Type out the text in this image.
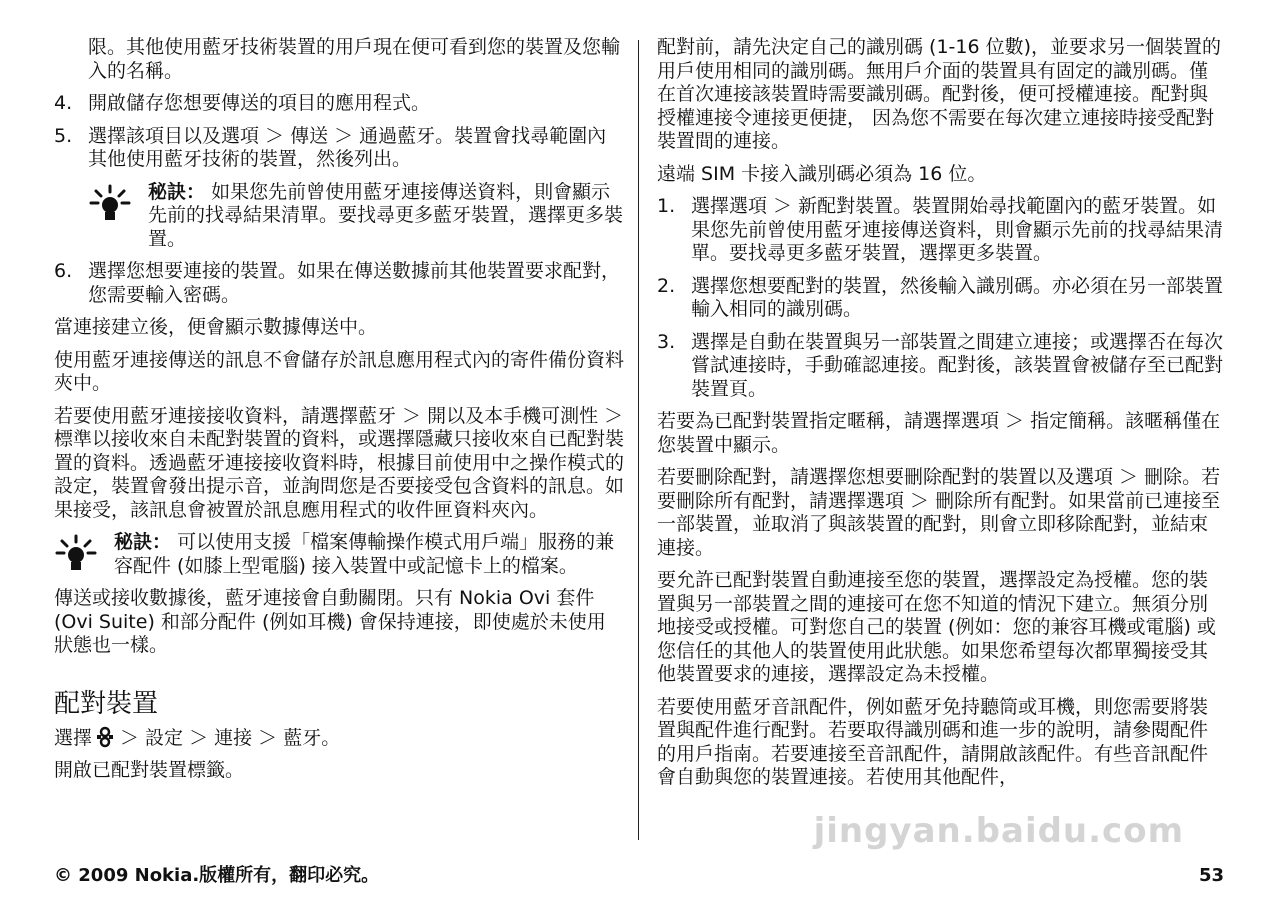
限。其他使用藍牙技術裝置的用戶現在便可看到您的裝置及您輸入的名稱。

4. 開啟儲存您想要傳送的項目的應用程式。
5. 選擇該項目以及選項 ＞ 傳送 ＞ 通過藍牙。裝置會找尋範圍內其他使用藍牙技術的裝置，然後列出。
秘訣： 如果您先前曾使用藍牙連接傳送資料，則會顯示先前的找尋結果清單。要找尋更多藍牙裝置，選擇更多裝置。
6. 選擇您想要連接的裝置。如果在傳送數據前其他裝置要求配對，您需要輸入密碼。

當連接建立後，便會顯示數據傳送中。

使用藍牙連接傳送的訊息不會儲存於訊息應用程式內的寄件備份資料夾中。

若要使用藍牙連接接收資料，請選擇藍牙 ＞ 開以及本手機可測性 ＞ 標準以接收來自未配對裝置的資料，或選擇隱藏只接收來自已配對裝置的資料。透過藍牙連接接收資料時，根據目前使用中之操作模式的設定，裝置會發出提示音，並詢問您是否要接受包含資料的訊息。如果接受，該訊息會被置於訊息應用程式的收件匣資料夾內。

秘訣： 可以使用支援「檔案傳輸操作模式用戶端」服務的兼容配件 (如膝上型電腦) 接入裝置中或記憶卡上的檔案。

傳送或接收數據後，藍牙連接會自動關閉。只有 Nokia Ovi 套件 (Ovi Suite) 和部分配件 (例如耳機) 會保持連接，即使處於未使用狀態也一樣。

配對裝置

選擇 ＞ 設定 ＞ 連接 ＞ 藍牙。

開啟已配對裝置標籤。

配對前，請先決定自己的識別碼 (1-16 位數)，並要求另一個裝置的用戶使用相同的識別碼。無用戶介面的裝置具有固定的識別碼。僅在首次連接該裝置時需要識別碼。配對後，便可授權連接。配對與授權連接令連接更便捷， 因為您不需要在每次建立連接時接受配對裝置間的連接。

遠端 SIM 卡接入識別碼必須為 16 位。

1. 選擇選項 ＞ 新配對裝置。裝置開始尋找範圍內的藍牙裝置。如果您先前曾使用藍牙連接傳送資料，則會顯示先前的找尋結果清單。要找尋更多藍牙裝置，選擇更多裝置。
2. 選擇您想要配對的裝置，然後輸入識別碼。亦必須在另一部裝置輸入相同的識別碼。
3. 選擇是自動在裝置與另一部裝置之間建立連接；或選擇否在每次嘗試連接時，手動確認連接。配對後，該裝置會被儲存至已配對裝置頁。

若要為已配對裝置指定暱稱，請選擇選項 ＞ 指定簡稱。該暱稱僅在您裝置中顯示。

若要刪除配對，請選擇您想要刪除配對的裝置以及選項 ＞ 刪除。若要刪除所有配對，請選擇選項 ＞ 刪除所有配對。如果當前已連接至一部裝置，並取消了與該裝置的配對，則會立即移除配對，並結束連接。

要允許已配對裝置自動連接至您的裝置，選擇設定為授權。您的裝置與另一部裝置之間的連接可在您不知道的情況下建立。無須分別地接受或授權。可對您自己的裝置 (例如：您的兼容耳機或電腦) 或您信任的其他人的裝置使用此狀態。如果您希望每次都單獨接受其他裝置要求的連接，選擇設定為未授權。

若要使用藍牙音訊配件，例如藍牙免持聽筒或耳機，則您需要將裝置與配件進行配對。若要取得識別碼和進一步的說明，請參閱配件的用戶指南。若要連接至音訊配件，請開啟該配件。有些音訊配件會自動與您的裝置連接。若使用其他配件，

jingyan.baidu.com
© 2009 Nokia.版權所有，翻印必究。	53
